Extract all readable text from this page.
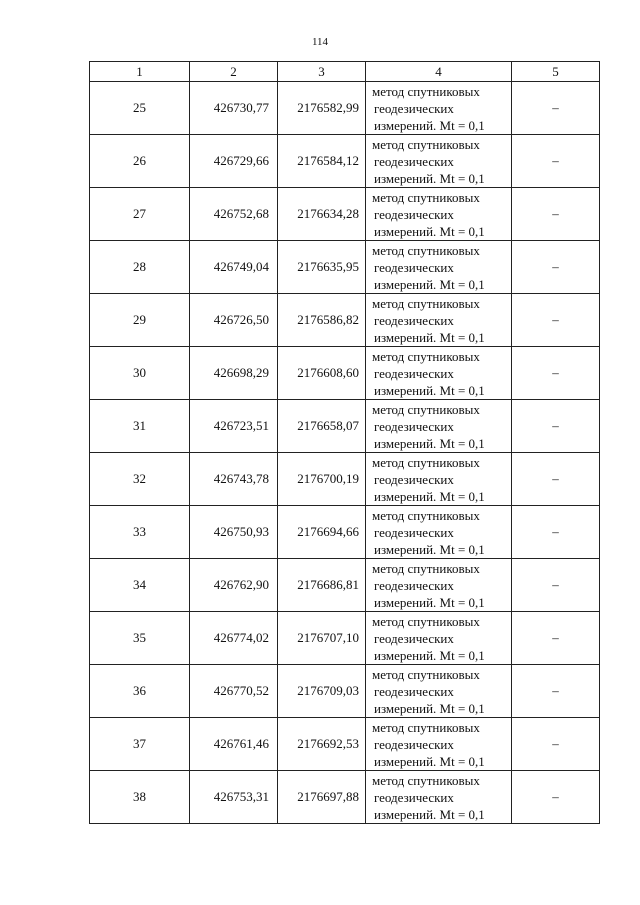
114
1	2	3	4	5
25	426730,77	2176582,99	метод спутниковых
геодезических
измерений. Mt = 0,1	–
26	426729,66	2176584,12	метод спутниковых
геодезических
измерений. Mt = 0,1	–
27	426752,68	2176634,28	метод спутниковых
геодезических
измерений. Mt = 0,1	–
28	426749,04	2176635,95	метод спутниковых
геодезических
измерений. Mt = 0,1	–
29	426726,50	2176586,82	метод спутниковых
геодезических
измерений. Mt = 0,1	–
30	426698,29	2176608,60	метод спутниковых
геодезических
измерений. Mt = 0,1	–
31	426723,51	2176658,07	метод спутниковых
геодезических
измерений. Mt = 0,1	–
32	426743,78	2176700,19	метод спутниковых
геодезических
измерений. Mt = 0,1	–
33	426750,93	2176694,66	метод спутниковых
геодезических
измерений. Mt = 0,1	–
34	426762,90	2176686,81	метод спутниковых
геодезических
измерений. Mt = 0,1	–
35	426774,02	2176707,10	метод спутниковых
геодезических
измерений. Mt = 0,1	–
36	426770,52	2176709,03	метод спутниковых
геодезических
измерений. Mt = 0,1	–
37	426761,46	2176692,53	метод спутниковых
геодезических
измерений. Mt = 0,1	–
38	426753,31	2176697,88	метод спутниковых
геодезических
измерений. Mt = 0,1	–
